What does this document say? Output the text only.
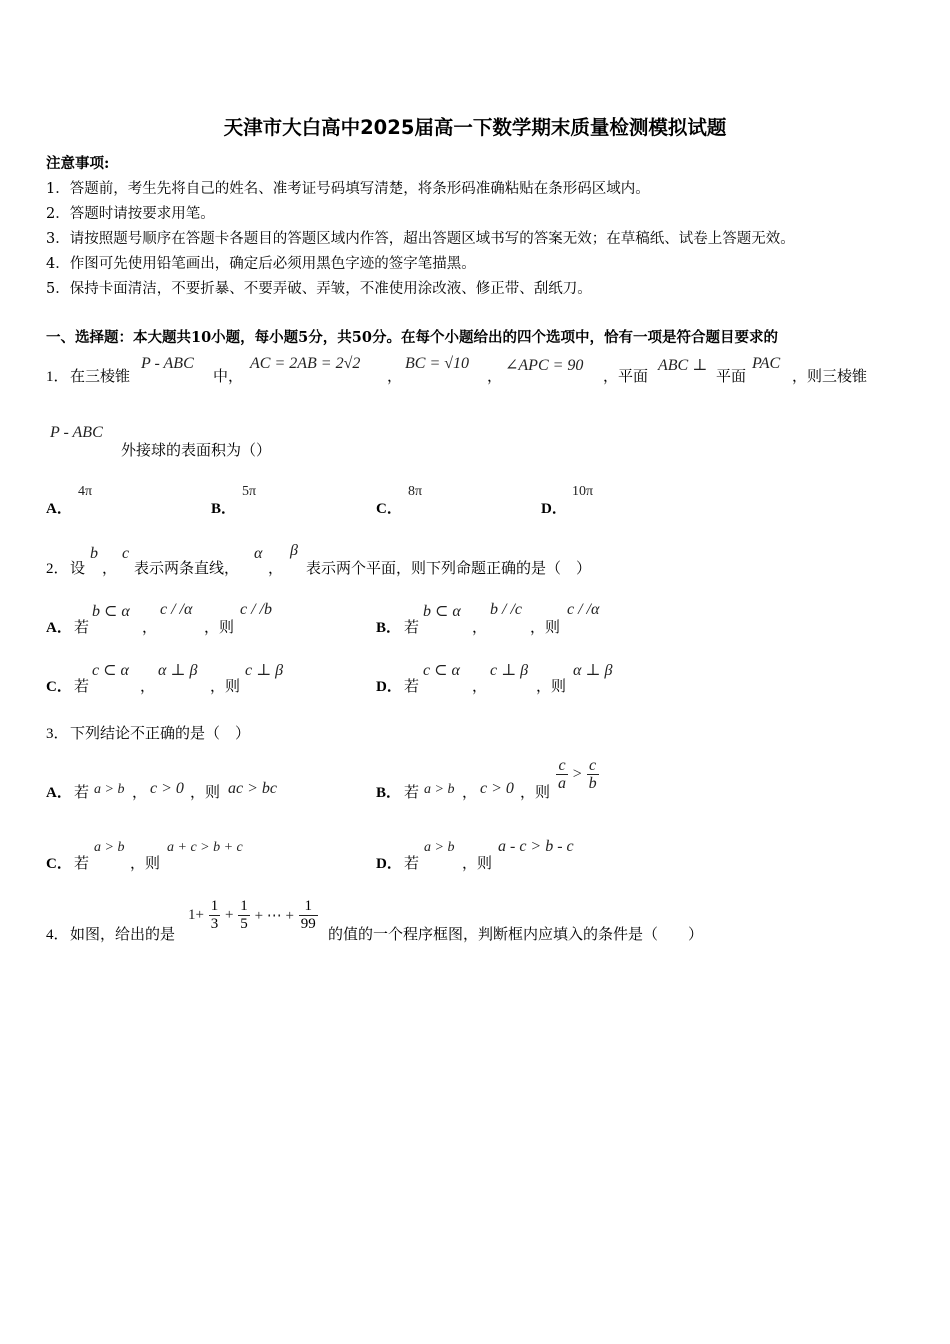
天津市大白高中2025届高一下数学期末质量检测模拟试题
注意事项:
1．答题前，考生先将自己的姓名、准考证号码填写清楚，将条形码准确粘贴在条形码区域内。
2．答题时请按要求用笔。
3．请按照题号顺序在答题卡各题目的答题区域内作答，超出答题区域书写的答案无效；在草稿纸、试卷上答题无效。
4．作图可先使用铅笔画出，确定后必须用黑色字迹的签字笔描黑。
5．保持卡面清洁，不要折暴、不要弄破、弄皱，不准使用涂改液、修正带、刮纸刀。
一、选择题：本大题共10小题，每小题5分，共50分。在每个小题给出的四个选项中，恰有一项是符合题目要求的
1． 在三棱锥
P - ABC
中，
AC = 2AB = 2√2
，
BC = √10
，
∠APC = 90
，平面
ABC ⊥
平面
PAC
，则三棱锥
P - ABC
外接球的表面积为（）
A．
4π
B．
5π
C．
8π
D．
10π
2． 设
b
，
c
表示两条直线，
α
，
β
表示两个平面，则下列命题正确的是（　）
A． 若
b ⊂ α
，
c / /α
，则
c / /b
B． 若
b ⊂ α
，
b / /c
，则
c / /α
C． 若
c ⊂ α
，
α ⊥ β
，则
c ⊥ β
D． 若
c ⊂ α
，
c ⊥ β
，则
α ⊥ β
3． 下列结论不正确的是（　）
A． 若 a > b ， c > 0 ，则 ac > bc	B． 若 a > b ， c > 0 ，则 $\frac{c}{a} > \frac{c}{b}$
C． 若
a > b
，则
a + c > b + c
D． 若
a > b
，则
a - c > b - c
4． 如图，给出的是
$1+ \frac{1}{3} + \frac{1}{5}$ + ⋯ + $\frac{1}{99}$
的值的一个程序框图，判断框内应填入的条件是（　　）
